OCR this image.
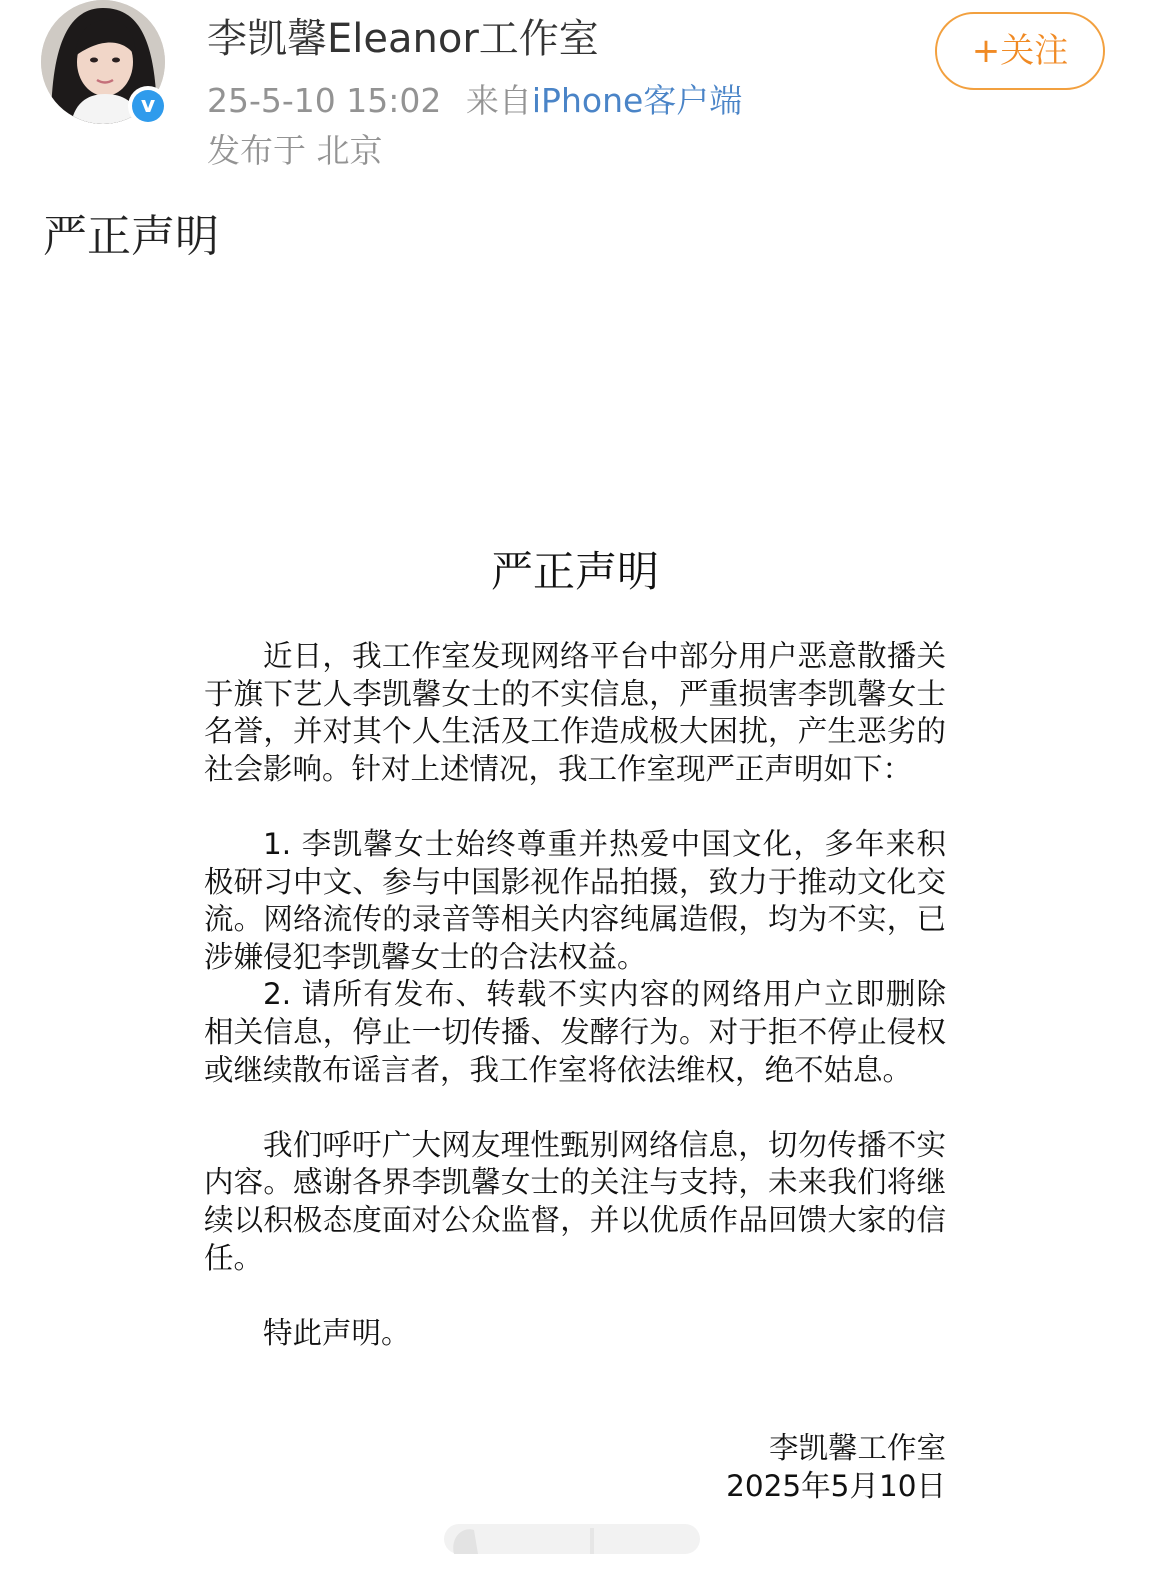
v
李凯馨Eleanor工作室
25-5-10 15:02 来自iPhone客户端
发布于 北京
+关注
严正声明
严正声明

近日，我工作室发现网络平台中部分用户恶意散播关于旗下艺人李凯馨女士的不实信息，严重损害李凯馨女士名誉，并对其个人生活及工作造成极大困扰，产生恶劣的社会影响。针对上述情况，我工作室现严正声明如下：

1. 李凯馨女士始终尊重并热爱中国文化，多年来积极研习中文、参与中国影视作品拍摄，致力于推动文化交流。网络流传的录音等相关内容纯属造假，均为不实，已涉嫌侵犯李凯馨女士的合法权益。

2. 请所有发布、转载不实内容的网络用户立即删除相关信息，停止一切传播、发酵行为。对于拒不停止侵权或继续散布谣言者，我工作室将依法维权，绝不姑息。

我们呼吁广大网友理性甄别网络信息，切勿传播不实内容。感谢各界李凯馨女士的关注与支持，未来我们将继续以积极态度面对公众监督，并以优质作品回馈大家的信任。

特此声明。

李凯馨工作室
2025年5月10日
